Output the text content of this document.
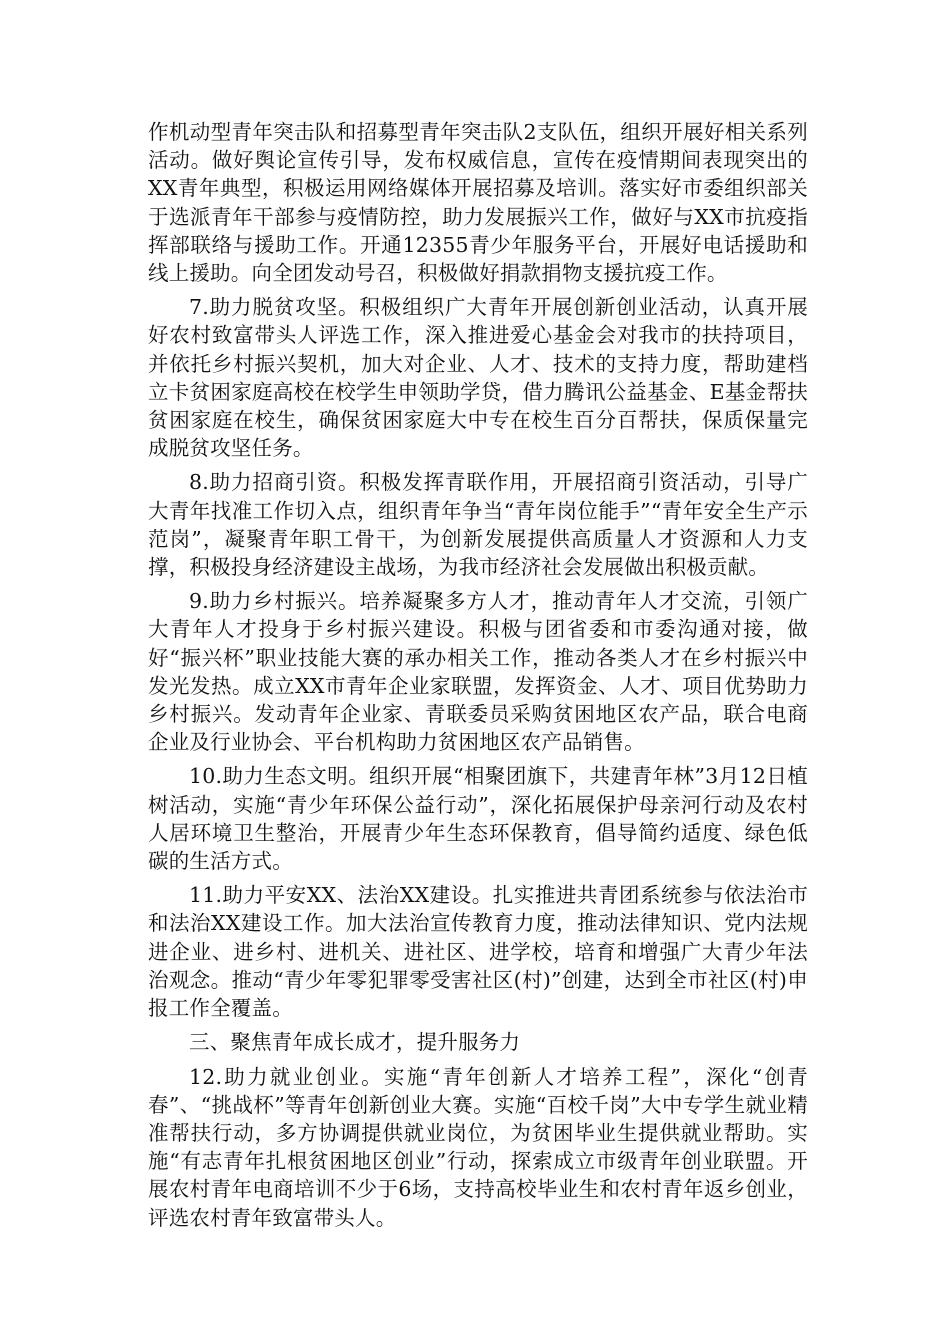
作机动型青年突击队和招募型青年突击队2支队伍，组织开展好相关系列活动。做好舆论宣传引导，发布权威信息，宣传在疫情期间表现突出的XX青年典型，积极运用网络媒体开展招募及培训。落实好市委组织部关于选派青年干部参与疫情防控，助力发展振兴工作，做好与XX市抗疫指挥部联络与援助工作。开通12355青少年服务平台，开展好电话援助和线上援助。向全团发动号召，积极做好捐款捐物支援抗疫工作。

7.助力脱贫攻坚。积极组织广大青年开展创新创业活动，认真开展好农村致富带头人评选工作，深入推进爱心基金会对我市的扶持项目，并依托乡村振兴契机，加大对企业、人才、技术的支持力度，帮助建档立卡贫困家庭高校在校学生申领助学贷，借力腾讯公益基金、E基金帮扶贫困家庭在校生，确保贫困家庭大中专在校生百分百帮扶，保质保量完成脱贫攻坚任务。

8.助力招商引资。积极发挥青联作用，开展招商引资活动，引导广大青年找准工作切入点，组织青年争当“青年岗位能手”“青年安全生产示范岗”，凝聚青年职工骨干，为创新发展提供高质量人才资源和人力支撑，积极投身经济建设主战场，为我市经济社会发展做出积极贡献。

9.助力乡村振兴。培养凝聚多方人才，推动青年人才交流，引领广大青年人才投身于乡村振兴建设。积极与团省委和市委沟通对接，做好“振兴杯”职业技能大赛的承办相关工作，推动各类人才在乡村振兴中发光发热。成立XX市青年企业家联盟，发挥资金、人才、项目优势助力乡村振兴。发动青年企业家、青联委员采购贫困地区农产品，联合电商企业及行业协会、平台机构助力贫困地区农产品销售。

10.助力生态文明。组织开展“相聚团旗下，共建青年林”3月12日植树活动，实施“青少年环保公益行动”，深化拓展保护母亲河行动及农村人居环境卫生整治，开展青少年生态环保教育，倡导简约适度、绿色低碳的生活方式。

11.助力平安XX、法治XX建设。扎实推进共青团系统参与依法治市和法治XX建设工作。加大法治宣传教育力度，推动法律知识、党内法规进企业、进乡村、进机关、进社区、进学校，培育和增强广大青少年法治观念。推动“青少年零犯罪零受害社区(村)”创建，达到全市社区(村)申报工作全覆盖。

三、聚焦青年成长成才，提升服务力

12.助力就业创业。实施“青年创新人才培养工程”，深化“创青春”、“挑战杯”等青年创新创业大赛。实施“百校千岗”大中专学生就业精准帮扶行动，多方协调提供就业岗位，为贫困毕业生提供就业帮助。实施“有志青年扎根贫困地区创业”行动，探索成立市级青年创业联盟。开展农村青年电商培训不少于6场，支持高校毕业生和农村青年返乡创业，评选农村青年致富带头人。
